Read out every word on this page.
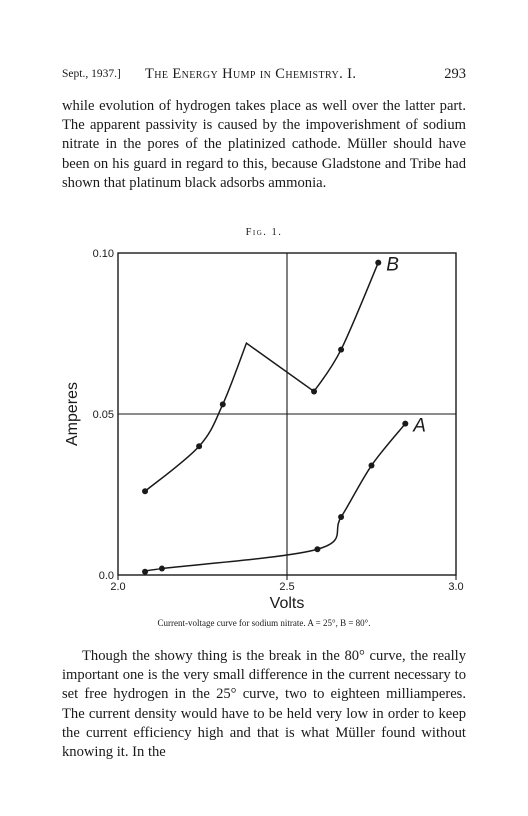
Sept., 1937.] The Energy Hump in Chemistry. I.	293

while evolution of hydrogen takes place as well over the latter part. The apparent passivity is caused by the impoverishment of sodium nitrate in the pores of the platinized cathode. Müller should have been on his guard in regard to this, because Gladstone and Tribe had shown that platinum black adsorbs ammonia.

Fig. 1.
2.0	2.5	3.0
0.0
0.05
0.10
Volts
Amperes	A
B
Current-voltage curve for sodium nitrate. A = 25°, B = 80°.

Though the showy thing is the break in the 80° curve, the really important one is the very small difference in the current necessary to set free hydrogen in the 25° curve, two to eighteen milliamperes. The current density would have to be held very low in order to keep the current efficiency high and that is what Müller found without knowing it. In the
